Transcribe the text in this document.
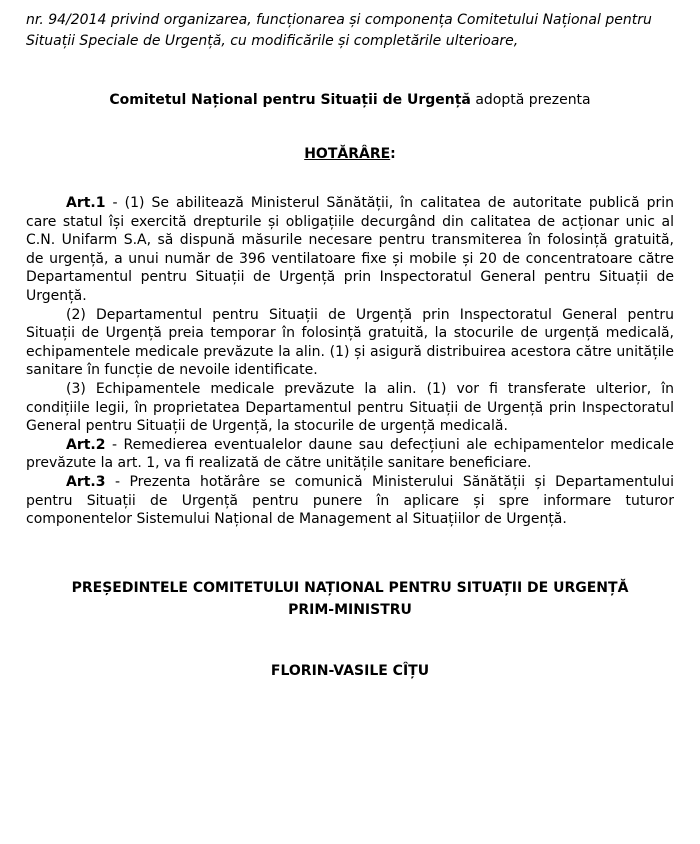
nr. 94/2014 privind organizarea, funcționarea și componența Comitetului Național pentru Situații Speciale de Urgență, cu modificările și completările ulterioare,

Comitetul Național pentru Situații de Urgență adoptă prezenta
HOTĂRÂRE:

Art.1 - (1) Se abilitează Ministerul Sănătății, în calitatea de autoritate publică prin care statul își exercită drepturile și obligațiile decurgând din calitatea de acționar unic al C.N. Unifarm S.A, să dispună măsurile necesare pentru transmiterea în folosință gratuită, de urgență, a unui număr de 396 ventilatoare fixe și mobile și 20 de concentratoare către Departamentul pentru Situații de Urgență prin Inspectoratul General pentru Situații de Urgență.

(2) Departamentul pentru Situații de Urgență prin Inspectoratul General pentru Situații de Urgență preia temporar în folosință gratuită, la stocurile de urgență medicală, echipamentele medicale prevăzute la alin. (1) și asigură distribuirea acestora către unitățile sanitare în funcție de nevoile identificate.

(3) Echipamentele medicale prevăzute la alin. (1) vor fi transferate ulterior, în condițiile legii, în proprietatea Departamentul pentru Situații de Urgență prin Inspectoratul General pentru Situații de Urgență, la stocurile de urgență medicală.

Art.2 - Remedierea eventualelor daune sau defecțiuni ale echipamentelor medicale prevăzute la art. 1, va fi realizată de către unitățile sanitare beneficiare.

Art.3 - Prezenta hotărâre se comunică Ministerului Sănătății și Departamentului pentru Situații de Urgență pentru punere în aplicare și spre informare tuturor componentelor Sistemului Național de Management al Situațiilor de Urgență.

PREȘEDINTELE COMITETULUI NAȚIONAL PENTRU SITUAȚII DE URGENȚĂ
PRIM-MINISTRU
FLORIN-VASILE CÎȚU
